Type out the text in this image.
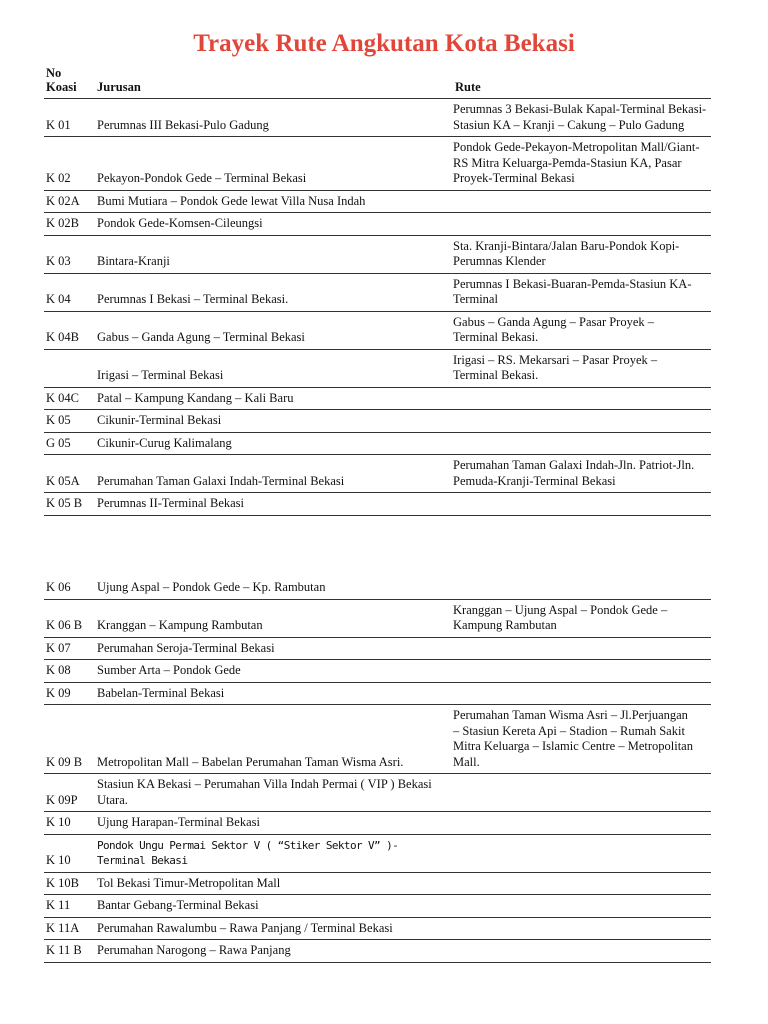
Trayek Rute Angkutan Kota Bekasi
No
Koasi	Jurusan	Rute
K 01	Perumnas III Bekasi-Pulo Gadung	Perumnas 3 Bekasi-Bulak Kapal-Terminal Bekasi-Stasiun KA – Kranji – Cakung – Pulo Gadung
K 02	Pekayon-Pondok Gede – Terminal Bekasi	Pondok Gede-Pekayon-Metropolitan Mall/Giant-RS Mitra Keluarga-Pemda-Stasiun KA, Pasar Proyek-Terminal Bekasi
K 02A	Bumi Mutiara – Pondok Gede lewat Villa Nusa Indah	
K 02B	Pondok Gede-Komsen-Cileungsi	
K 03	Bintara-Kranji	Sta. Kranji-Bintara/Jalan Baru-Pondok Kopi-Perumnas Klender
K 04	Perumnas I Bekasi – Terminal Bekasi.	Perumnas I Bekasi-Buaran-Pemda-Stasiun KA-Terminal
K 04B	Gabus – Ganda Agung – Terminal Bekasi	Gabus – Ganda Agung – Pasar Proyek –
Terminal Bekasi.
	Irigasi – Terminal Bekasi	Irigasi – RS. Mekarsari – Pasar Proyek –
Terminal Bekasi.
K 04C	Patal – Kampung Kandang – Kali Baru	
K 05	Cikunir-Terminal Bekasi	
G 05	Cikunir-Curug Kalimalang	
K 05A	Perumahan Taman Galaxi Indah-Terminal Bekasi	Perumahan Taman Galaxi Indah-Jln. Patriot-Jln. Pemuda-Kranji-Terminal Bekasi
K 05 B	Perumnas II-Terminal Bekasi	
K 06	Ujung Aspal – Pondok Gede – Kp. Rambutan	
K 06 B	Kranggan – Kampung Rambutan	Kranggan – Ujung Aspal – Pondok Gede –
Kampung Rambutan
K 07	Perumahan Seroja-Terminal Bekasi	
K 08	Sumber Arta – Pondok Gede	
K 09	Babelan-Terminal Bekasi	
K 09 B	Metropolitan Mall – Babelan Perumahan Taman Wisma Asri.	Perumahan Taman Wisma Asri – Jl.Perjuangan
– Stasiun Kereta Api – Stadion – Rumah Sakit
Mitra Keluarga – Islamic Centre – Metropolitan
Mall.
K 09P	Stasiun KA Bekasi – Perumahan Villa Indah Permai ( VIP ) Bekasi Utara.	
K 10	Ujung Harapan-Terminal Bekasi	
K 10	Pondok Ungu Permai Sektor V ( “Stiker Sektor V” )- Terminal Bekasi	
K 10B	Tol Bekasi Timur-Metropolitan Mall	
K 11	Bantar Gebang-Terminal Bekasi	
K 11A	Perumahan Rawalumbu – Rawa Panjang / Terminal Bekasi	
K 11 B	Perumahan Narogong – Rawa Panjang	
